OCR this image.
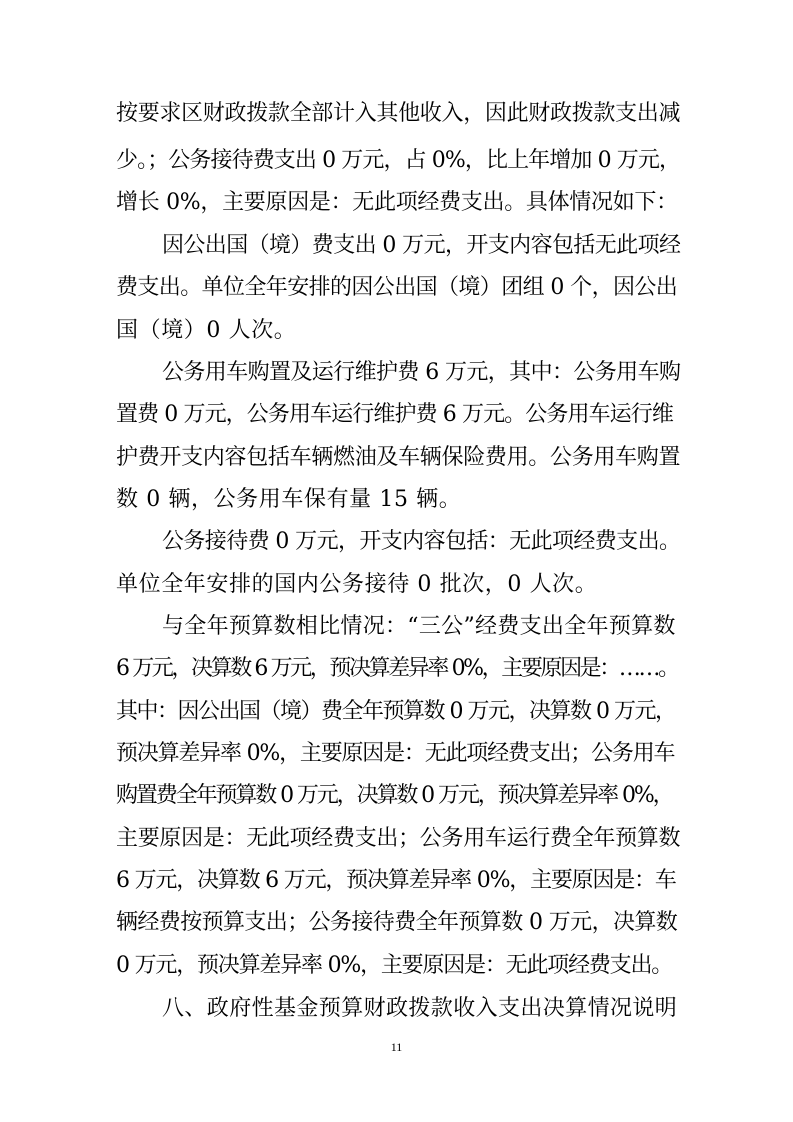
按要求区财政拨款全部计入其他收入，因此财政拨款支出减
少。；公务接待费支出 0 万元，占 0%，比上年增加 0 万元，
增长 0%，主要原因是：无此项经费支出。具体情况如下：
因公出国（境）费支出 0 万元，开支内容包括无此项经
费支出。单位全年安排的因公出国（境）团组 0 个，因公出
国（境）0 人次。
公务用车购置及运行维护费 6 万元，其中：公务用车购
置费 0 万元，公务用车运行维护费 6 万元。公务用车运行维
护费开支内容包括车辆燃油及车辆保险费用。公务用车购置
数 0 辆，公务用车保有量 15 辆。
公务接待费 0 万元，开支内容包括：无此项经费支出。
单位全年安排的国内公务接待 0 批次，0 人次。
与全年预算数相比情况：“三公”经费支出全年预算数
6 万元，决算数 6 万元，预决算差异率 0%，主要原因是：……。
其中：因公出国（境）费全年预算数 0 万元，决算数 0 万元，
预决算差异率 0%，主要原因是：无此项经费支出；公务用车
购置费全年预算数 0 万元，决算数 0 万元，预决算差异率 0%，
主要原因是：无此项经费支出；公务用车运行费全年预算数
6 万元，决算数 6 万元，预决算差异率 0%，主要原因是：车
辆经费按预算支出；公务接待费全年预算数 0 万元，决算数
0 万元，预决算差异率 0%，主要原因是：无此项经费支出。
八、政府性基金预算财政拨款收入支出决算情况说明
11
